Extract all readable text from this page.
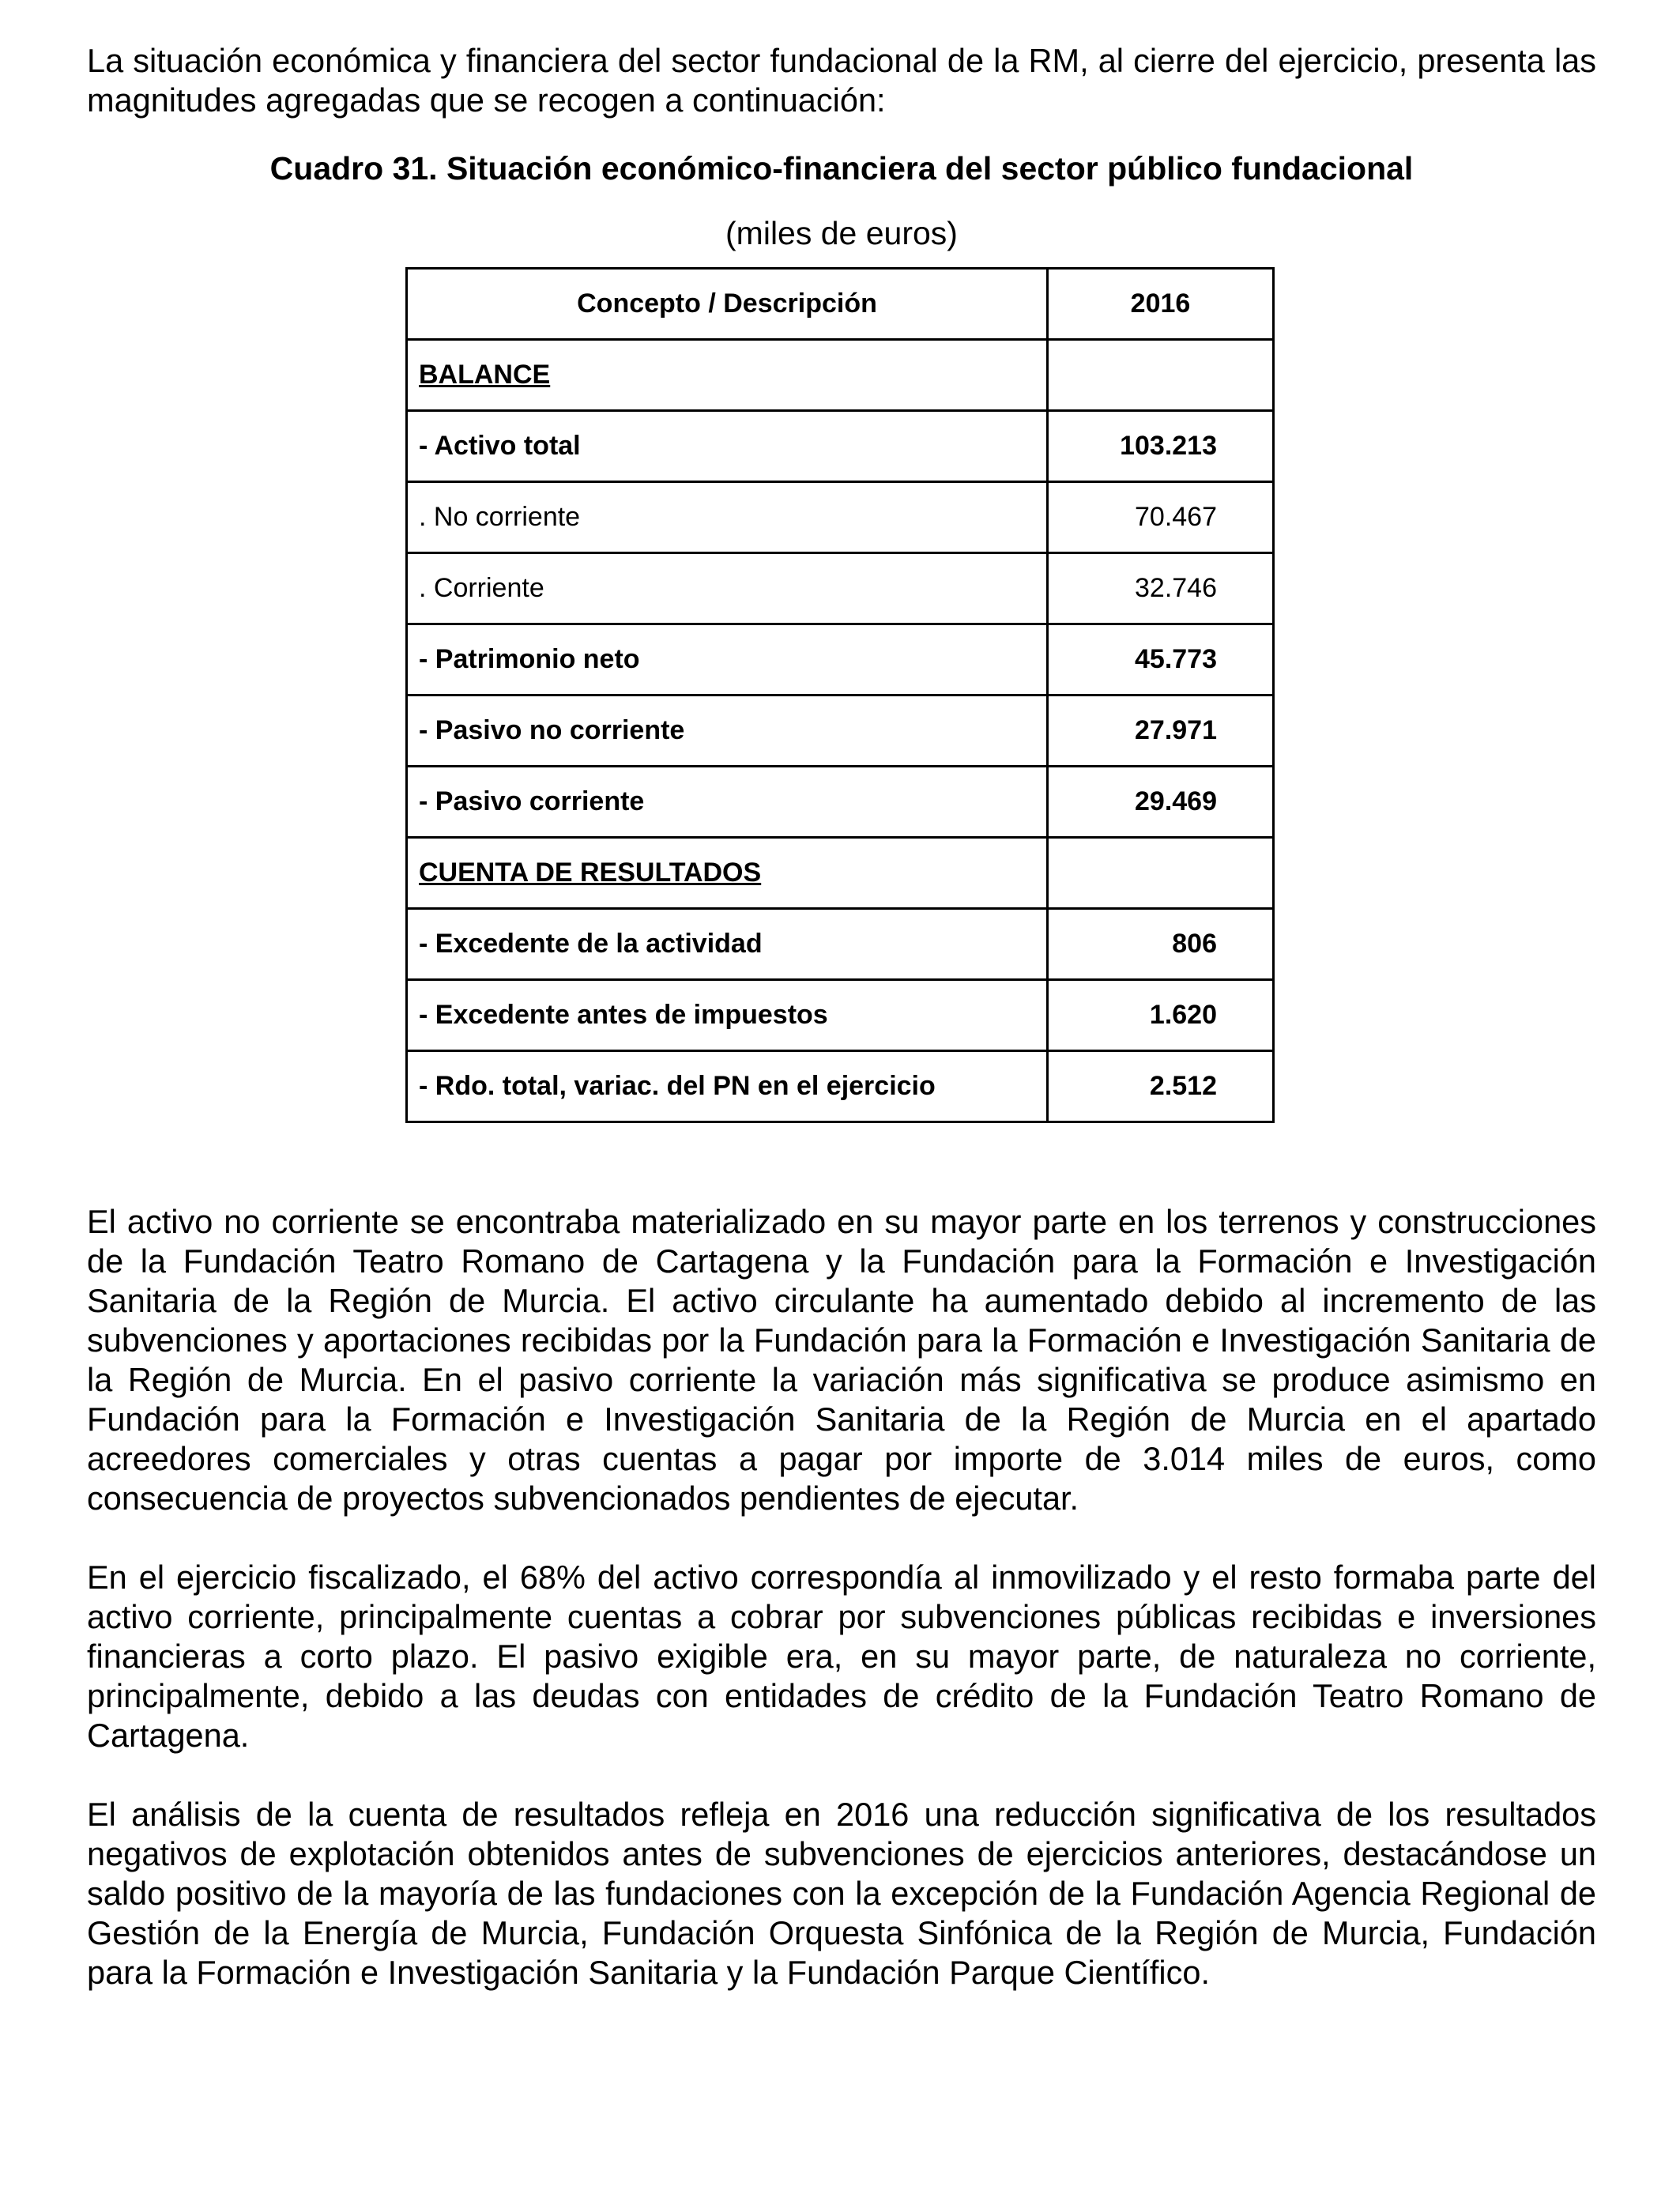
La situación económica y financiera del sector fundacional de la RM, al cierre del ejercicio, presenta las magnitudes agregadas que se recogen a continuación:

Cuadro 31. Situación económico-financiera del sector público fundacional

(miles de euros)

Concepto / Descripción	2016
BALANCE	
- Activo total	103.213
. No corriente	70.467
. Corriente	32.746
- Patrimonio neto	45.773
- Pasivo no corriente	27.971
- Pasivo corriente	29.469
CUENTA DE RESULTADOS	
- Excedente de la actividad	806
- Excedente antes de impuestos	1.620
- Rdo. total, variac. del PN en el ejercicio	2.512

El activo no corriente se encontraba materializado en su mayor parte en los terrenos y construcciones de la Fundación Teatro Romano de Cartagena y la Fundación para la Formación e Investigación Sanitaria de la Región de Murcia. El activo circulante ha aumentado debido al incremento de las subvenciones y aportaciones recibidas por la Fundación para la Formación e Investigación Sanitaria de la Región de Murcia. En el pasivo corriente la variación más significativa se produce asimismo en Fundación para la Formación e Investigación Sanitaria de la Región de Murcia en el apartado acreedores comerciales y otras cuentas a pagar por importe de 3.014 miles de euros, como consecuencia de proyectos subvencionados pendientes de ejecutar.

En el ejercicio fiscalizado, el 68% del activo correspondía al inmovilizado y el resto formaba parte del activo corriente, principalmente cuentas a cobrar por subvenciones públicas recibidas e inversiones financieras a corto plazo. El pasivo exigible era, en su mayor parte, de naturaleza no corriente, principalmente, debido a las deudas con entidades de crédito de la Fundación Teatro Romano de Cartagena.

El análisis de la cuenta de resultados refleja en 2016 una reducción significativa de los resultados negativos de explotación obtenidos antes de subvenciones de ejercicios anteriores, destacándose un saldo positivo de la mayoría de las fundaciones con la excepción de la Fundación Agencia Regional de Gestión de la Energía de Murcia, Fundación Orquesta Sinfónica de la Región de Murcia, Fundación para la Formación e Investigación Sanitaria y la Fundación Parque Científico.
